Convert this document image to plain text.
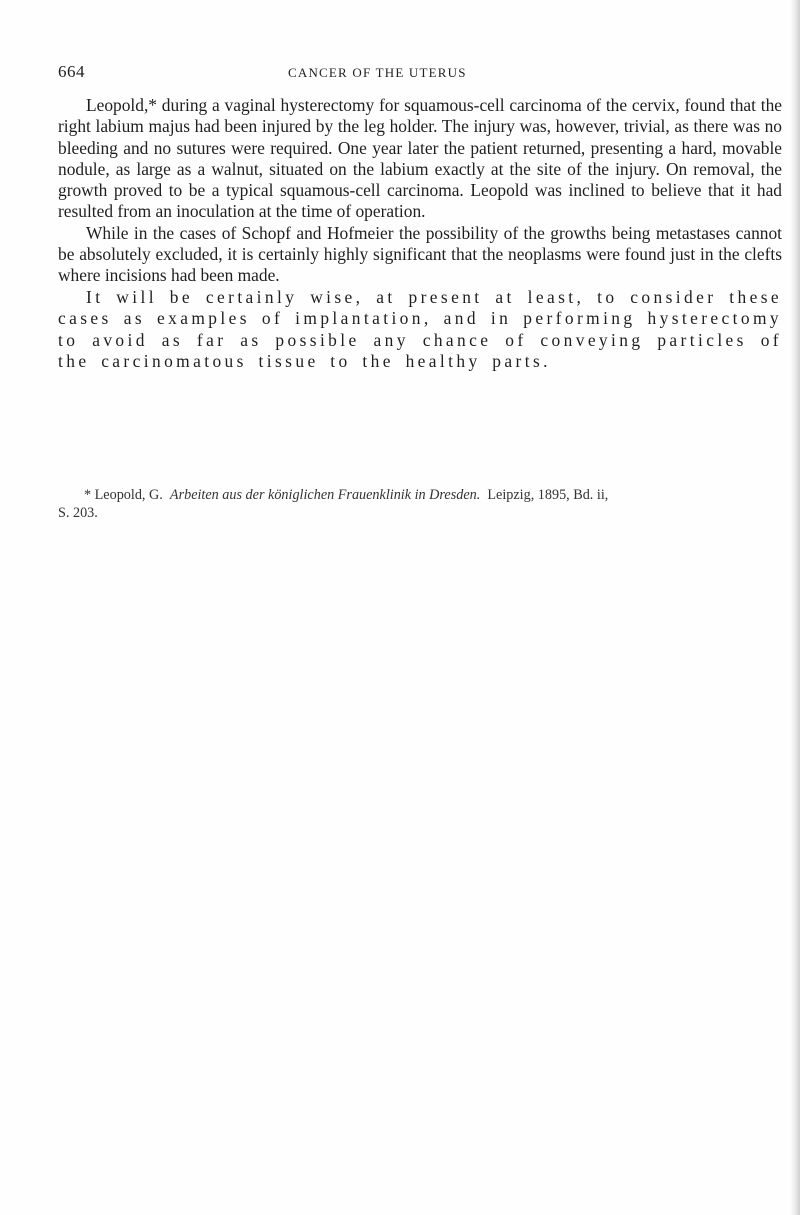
664	CANCER OF THE UTERUS

Leopold,* during a vaginal hysterectomy for squamous-cell carcinoma of the cervix, found that the right labium majus had been injured by the leg holder. The injury was, however, trivial, as there was no bleeding and no sutures were required. One year later the patient returned, presenting a hard, movable nodule, as large as a walnut, situated on the labium exactly at the site of the injury. On removal, the growth proved to be a typical squamous-cell carcinoma. Leopold was inclined to believe that it had resulted from an inoculation at the time of operation.

While in the cases of Schopf and Hofmeier the possibility of the growths being metastases cannot be absolutely excluded, it is certainly highly significant that the neoplasms were found just in the clefts where incisions had been made.

It will be certainly wise, at present at least, to consider these cases as examples of implantation, and in performing hysterectomy to avoid as far as possible any chance of conveying particles of the carcinomatous tissue to the healthy parts.

* Leopold, G. Arbeiten aus der königlichen Frauenklinik in Dresden. Leipzig, 1895, Bd. ii,
S. 203.
